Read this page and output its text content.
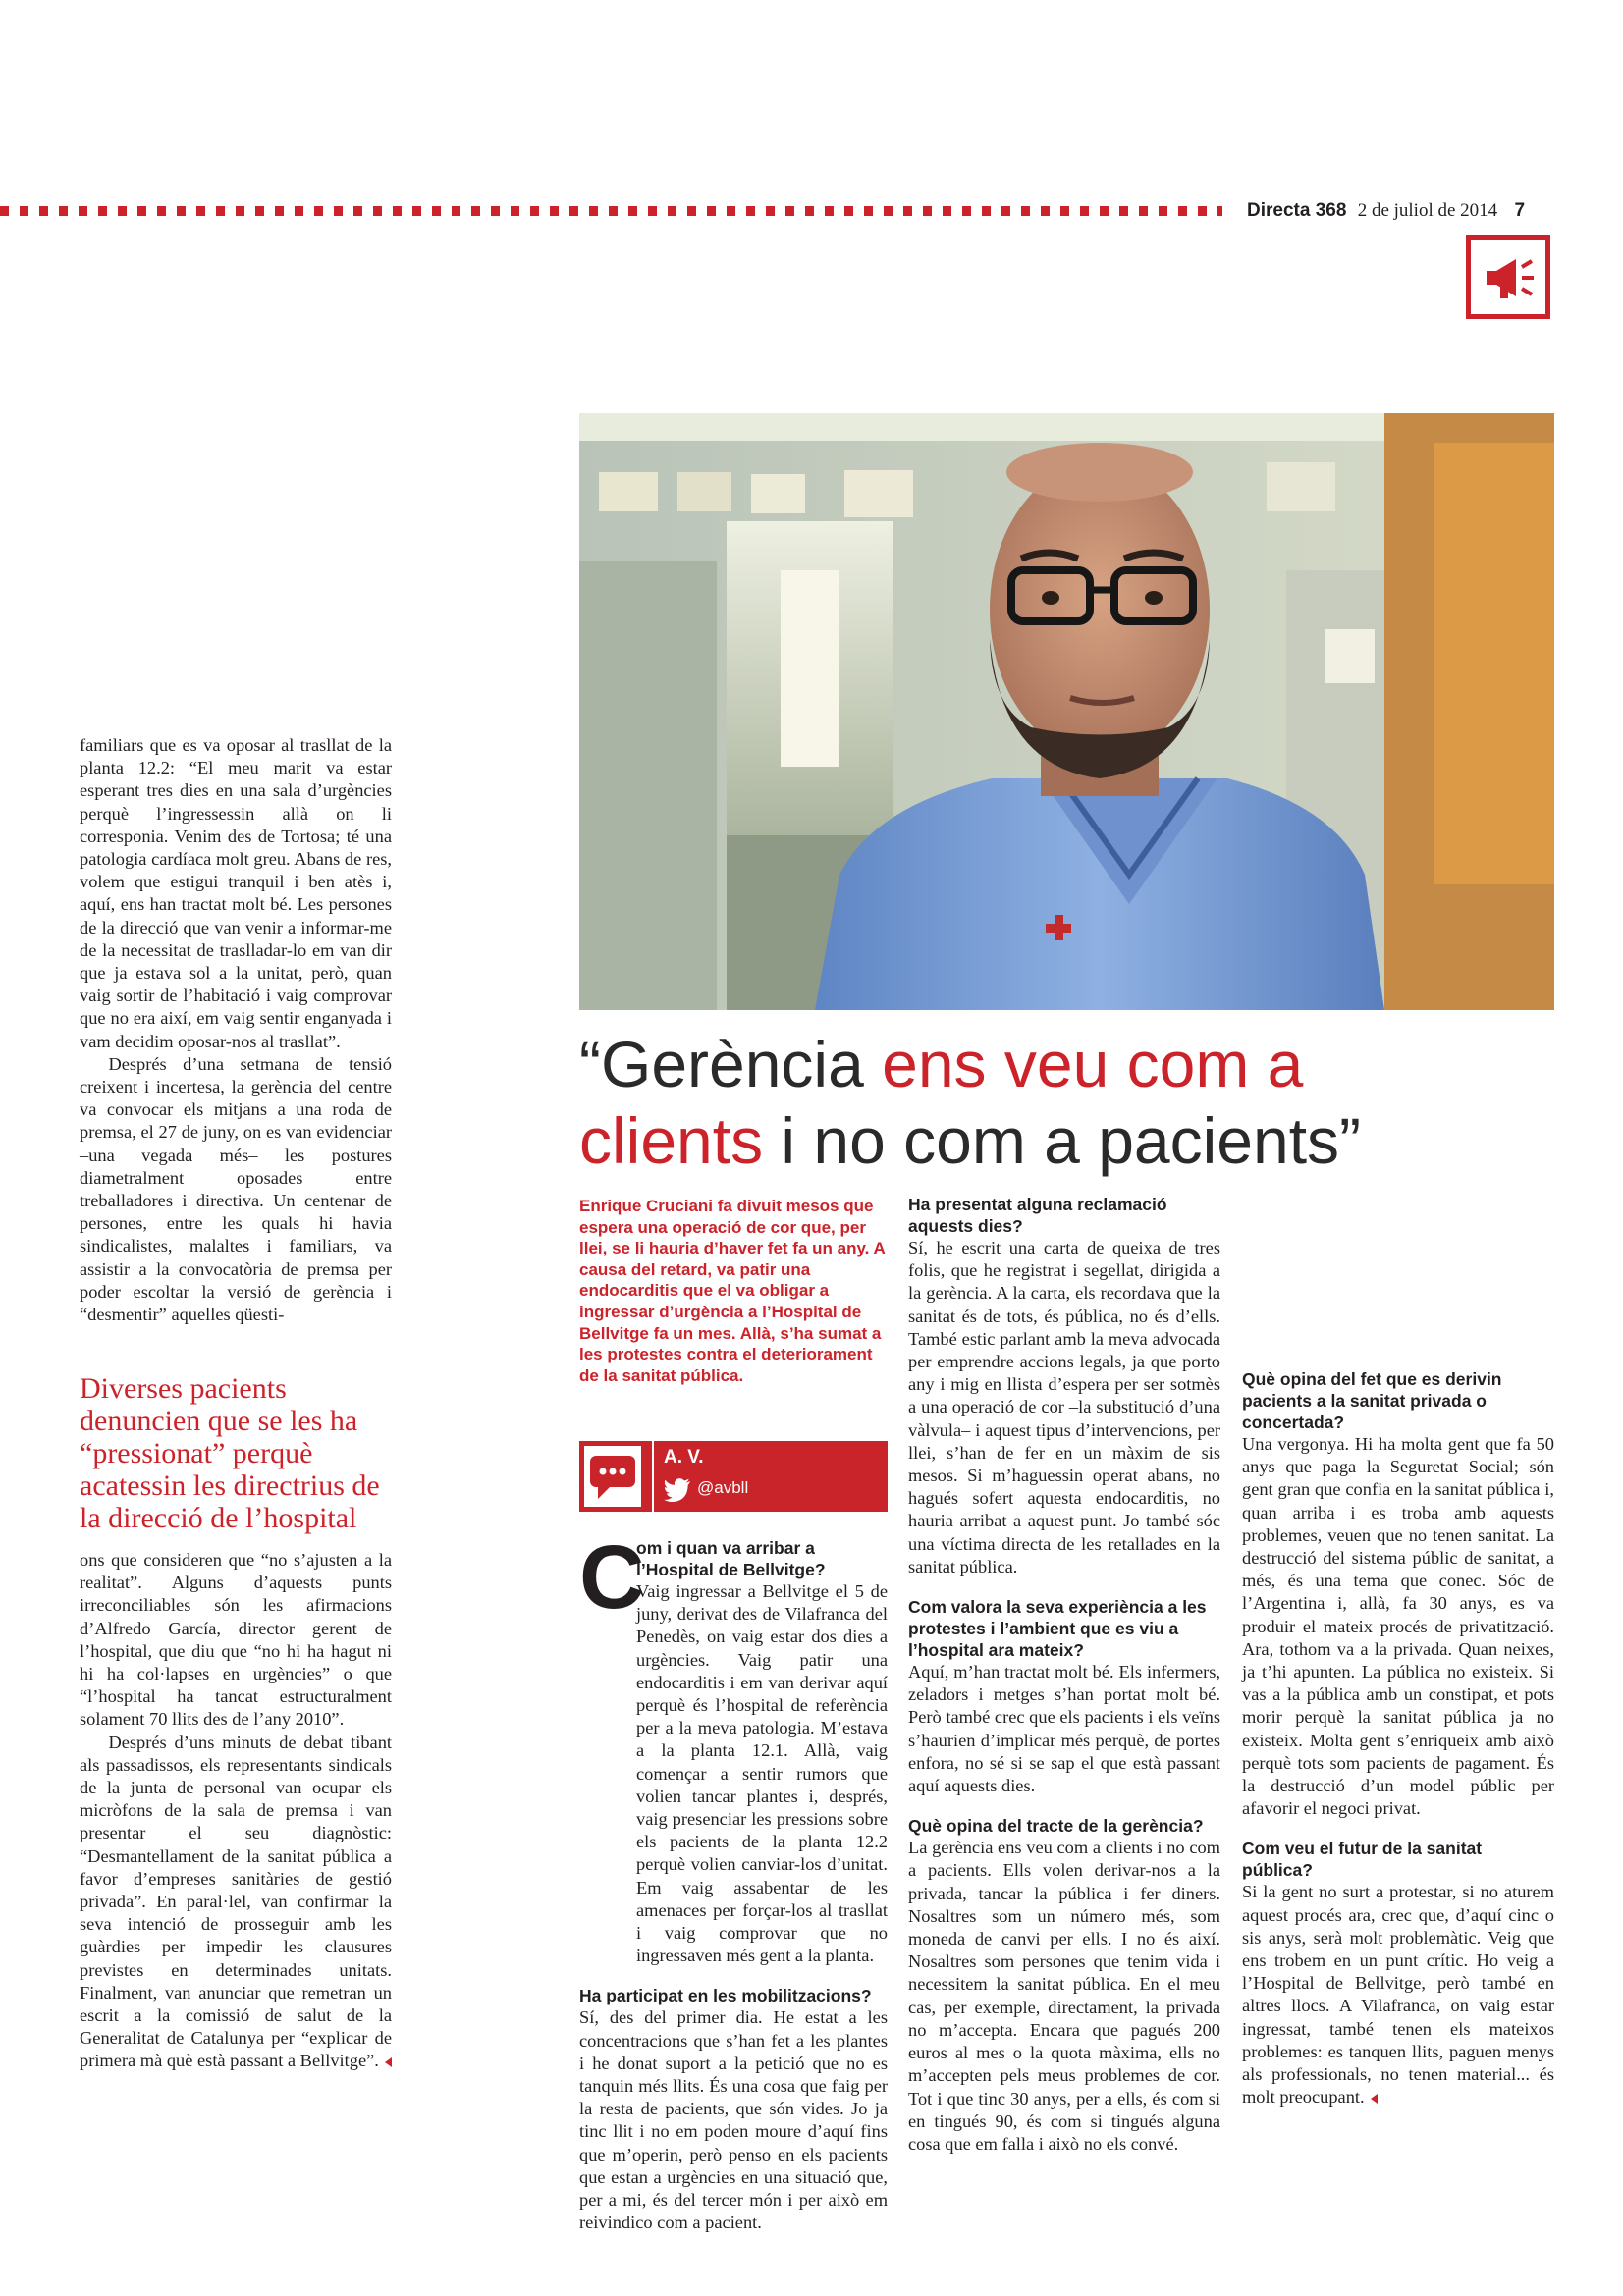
Directa 368 2 de juliol de 2014 7
“Gerència ens veu com a
clients i no com a pacients”

familiars que es va oposar al trasllat de la planta 12.2: “El meu marit va estar esperant tres dies en una sala d’urgències perquè l’ingressessin allà on li corresponia. Venim des de Tortosa; té una patologia cardíaca molt greu. Abans de res, volem que estigui tranquil i ben atès i, aquí, ens han tractat molt bé. Les persones de la direcció que van venir a informar-me de la necessitat de traslladar-lo em van dir que ja estava sol a la unitat, però, quan vaig sortir de l’habitació i vaig comprovar que no era així, em vaig sentir enganyada i vam decidim oposar-nos al trasllat”.

Després d’una setmana de tensió creixent i incertesa, la gerència del centre va convocar els mitjans a una roda de premsa, el 27 de juny, on es van evidenciar –una vegada més– les postures diametralment oposades entre treballadores i directiva. Un centenar de persones, entre les quals hi havia sindicalistes, malaltes i familiars, va assistir a la convocatòria de premsa per poder escoltar la versió de gerència i “desmentir” aquelles qüesti-

Diverses pacients denuncien que se les ha “pressionat” perquè acatessin les directrius de la direcció de l’hospital

ons que consideren que “no s’ajusten a la realitat”. Alguns d’aquests punts irreconciliables són les afirmacions d’Alfredo García, director gerent de l’hospital, que diu que “no hi ha hagut ni hi ha col·lapses en urgències” o que “l’hospital ha tancat estructuralment solament 70 llits des de l’any 2010”.

Després d’uns minuts de debat tibant als passadissos, els representants sindicals de la junta de personal van ocupar els micròfons de la sala de premsa i van presentar el seu diagnòstic: “Desmantellament de la sanitat pública a favor d’empreses sanitàries de gestió privada”. En paral·lel, van confirmar la seva intenció de prosseguir amb les guàrdies per impedir les clausures previstes en determinades unitats. Finalment, van anunciar que remetran un escrit a la comissió de salut de la Generalitat de Catalunya per “explicar de primera mà què està passant a Bellvitge”.

Enrique Cruciani fa divuit mesos que espera una operació de cor que, per llei, se li hauria d’haver fet fa un any. A causa del retard, va patir una endocarditis que el va obligar a ingressar d’urgència a l’Hospital de Bellvitge fa un mes. Allà, s’ha sumat a les protestes contra el deteriorament de la sanitat pública.
A. V.
@avbll
C
om i quan va arribar a l’Hospital de Bellvitge?

Vaig ingressar a Bellvitge el 5 de juny, derivat des de Vilafranca del Penedès, on vaig estar dos dies a urgències. Vaig patir una endocarditis i em van derivar aquí perquè és l’hospital de referència per a la meva patologia. M’estava a la planta 12.1. Allà, vaig començar a sentir rumors que volien tancar plantes i, després, vaig presenciar les pressions sobre els pacients de la planta 12.2 perquè volien canviar-los d’unitat. Em vaig assabentar de les amenaces per forçar-los al trasllat i vaig comprovar que no ingressaven més gent a la planta.

Ha participat en les mobilitzacions?

Sí, des del primer dia. He estat a les concentracions que s’han fet a les plantes i he donat suport a la petició que no es tanquin més llits. És una cosa que faig per la resta de pacients, que són vides. Jo ja tinc llit i no em poden moure d’aquí fins que m’operin, però penso en els pacients que estan a urgències en una situació que, per a mi, és del tercer món i per això em reivindico com a pacient.

Ha presentat alguna reclamació aquests dies?

Sí, he escrit una carta de queixa de tres folis, que he registrat i segellat, dirigida a la gerència. A la carta, els recordava que la sanitat és de tots, és pública, no és d’ells. També estic parlant amb la meva advocada per emprendre accions legals, ja que porto any i mig en llista d’espera per ser sotmès a una operació de cor –la substitució d’una vàlvula– i aquest tipus d’intervencions, per llei, s’han de fer en un màxim de sis mesos. Si m’haguessin operat abans, no hagués sofert aquesta endocarditis, no hauria arribat a aquest punt. Jo també sóc una víctima directa de les retallades en la sanitat pública.

Com valora la seva experiència a les protestes i l’ambient que es viu a l’hospital ara mateix?

Aquí, m’han tractat molt bé. Els infermers, zeladors i metges s’han portat molt bé. Però també crec que els pacients i els veïns s’haurien d’implicar més perquè, de portes enfora, no sé si se sap el que està passant aquí aquests dies.

Què opina del tracte de la gerència?

La gerència ens veu com a clients i no com a pacients. Ells volen derivar-nos a la privada, tancar la pública i fer diners. Nosaltres som un número més, som moneda de canvi per ells. I no és així. Nosaltres som persones que tenim vida i necessitem la sanitat pública. En el meu cas, per exemple, directament, la privada no m’accepta. Encara que pagués 200 euros al mes o la quota màxima, ells no m’accepten pels meus problemes de cor. Tot i que tinc 30 anys, per a ells, és com si en tingués 90, és com si tingués alguna cosa que em falla i això no els convé.

Què opina del fet que es derivin pacients a la sanitat privada o concertada?

Una vergonya. Hi ha molta gent que fa 50 anys que paga la Seguretat Social; són gent gran que confia en la sanitat pública i, quan arriba i es troba amb aquests problemes, veuen que no tenen sanitat. La destrucció del sistema públic de sanitat, a més, és una tema que conec. Sóc de l’Argentina i, allà, fa 30 anys, es va produir el mateix procés de privatització. Ara, tothom va a la privada. Quan neixes, ja t’hi apunten. La pública no existeix. Si vas a la pública amb un constipat, et pots morir perquè la sanitat pública ja no existeix. Molta gent s’enriqueix amb això perquè tots som pacients de pagament. És la destrucció d’un model públic per afavorir el negoci privat.

Com veu el futur de la sanitat pública?

Si la gent no surt a protestar, si no aturem aquest procés ara, crec que, d’aquí cinc o sis anys, serà molt problemàtic. Veig que ens trobem en un punt crític. Ho veig a l’Hospital de Bellvitge, però també en altres llocs. A Vilafranca, on vaig estar ingressat, també tenen els mateixos problemes: es tanquen llits, paguen menys als professionals, no tenen material... és molt preocupant.
